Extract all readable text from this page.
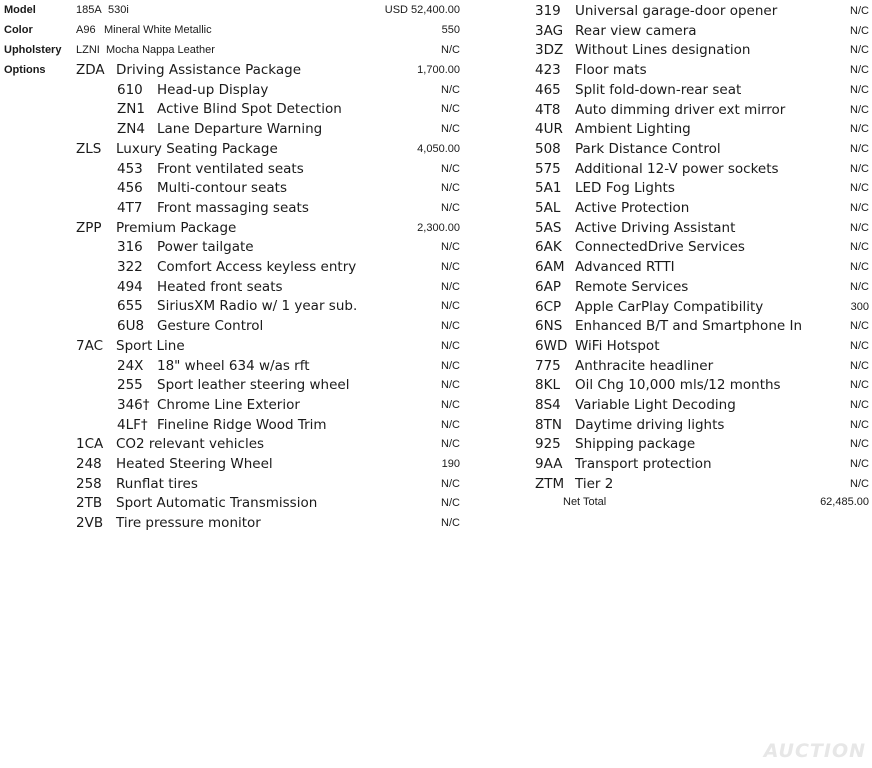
Model	185A 530i	USD 52,400.00
Color	A96 Mineral White Metallic	550
Upholstery LZNI Mocha Nappa Leather	N/C
Options ZDA Driving Assistance Package	1,700.00
610 Head-up Display	N/C
ZN1 Active Blind Spot Detection	N/C
ZN4 Lane Departure Warning	N/C
ZLS Luxury Seating Package	4,050.00
453 Front ventilated seats	N/C
456 Multi-contour seats	N/C
4T7 Front massaging seats	N/C
ZPP Premium Package	2,300.00
316 Power tailgate	N/C
322 Comfort Access keyless entry	N/C
494 Heated front seats	N/C
655 SiriusXM Radio w/ 1 year sub.	N/C
6U8 Gesture Control	N/C
7AC Sport Line	N/C
24X 18" wheel 634 w/as rft	N/C
255 Sport leather steering wheel	N/C
346† Chrome Line Exterior	N/C
4LF† Fineline Ridge Wood Trim	N/C
1CA CO2 relevant vehicles	N/C
248 Heated Steering Wheel	190
258 Runflat tires	N/C
2TB Sport Automatic Transmission	N/C
2VB Tire pressure monitor	N/C
319 Universal garage-door opener	N/C
3AG Rear view camera	N/C
3DZ Without Lines designation	N/C
423 Floor mats	N/C
465 Split fold-down-rear seat	N/C
4T8 Auto dimming driver ext mirror	N/C
4UR Ambient Lighting	N/C
508 Park Distance Control	N/C
575 Additional 12-V power sockets	N/C
5A1 LED Fog Lights	N/C
5AL Active Protection	N/C
5AS Active Driving Assistant	N/C
6AK ConnectedDrive Services	N/C
6AM Advanced RTTI	N/C
6AP Remote Services	N/C
6CP Apple CarPlay Compatibility	300
6NS Enhanced B/T and Smartphone In	N/C
6WD WiFi Hotspot	N/C
775 Anthracite headliner	N/C
8KL Oil Chg 10,000 mls/12 months	N/C
8S4 Variable Light Decoding	N/C
8TN Daytime driving lights	N/C
925 Shipping package	N/C
9AA Transport protection	N/C
ZTM Tier 2	N/C
Net Total	62,485.00
AUCTION
